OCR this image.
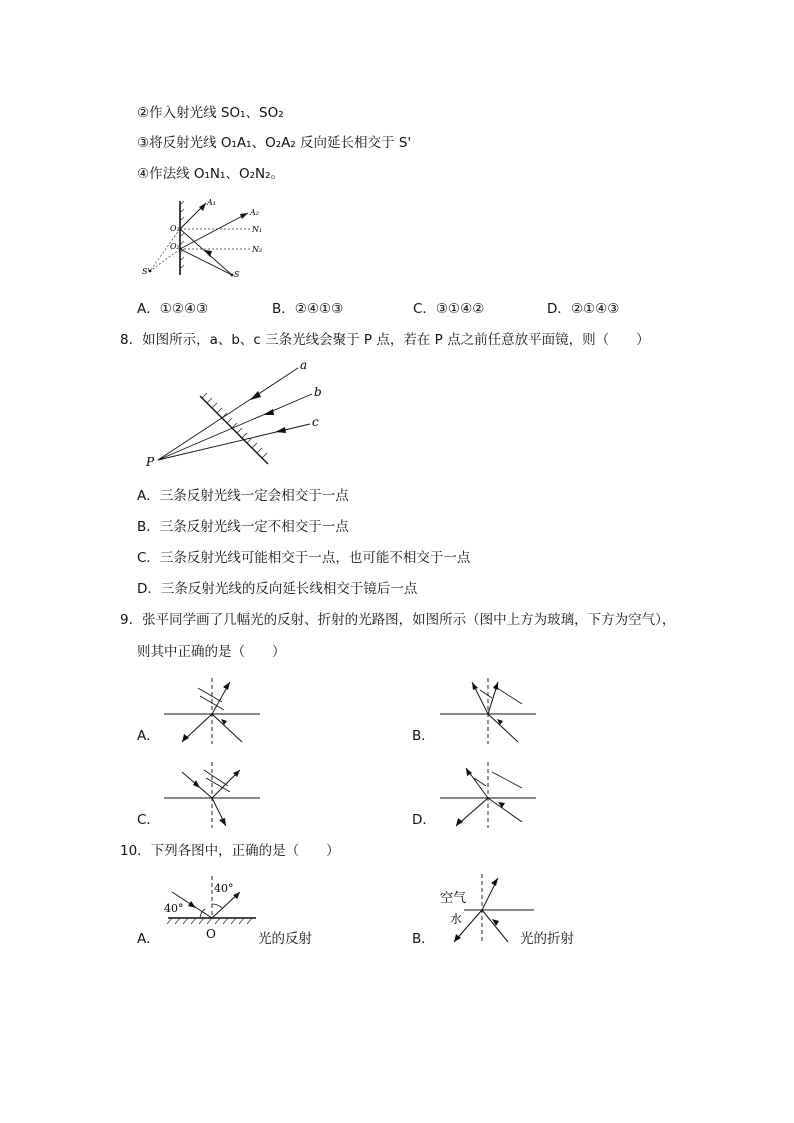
②作入射光线 SO₁、SO₂
③将反射光线 O₁A₁、O₂A₂ 反向延长相交于 S'
④作法线 O₁N₁、O₂N₂。
A₁
A₂
O₁
O₂
N₁
N₂
S
S'
A．①②④③	B．②④①③	C．③①④②	D．②①④③
8．如图所示，a、b、c 三条光线会聚于 P 点，若在 P 点之前任意放平面镜，则（　　）
a
b
c
P
A．三条反射光线一定会相交于一点
B．三条反射光线一定不相交于一点
C．三条反射光线可能相交于一点，也可能不相交于一点
D．三条反射光线的反向延长线相交于镜后一点
9．张平同学画了几幅光的反射、折射的光路图，如图所示（图中上方为玻璃，下方为空气），
则其中正确的是（　　）
A．	B．
C．	D．
10．下列各图中，正确的是（　　）
A．
40°
40°
O	光的反射	B．
空气
水
光的折射
